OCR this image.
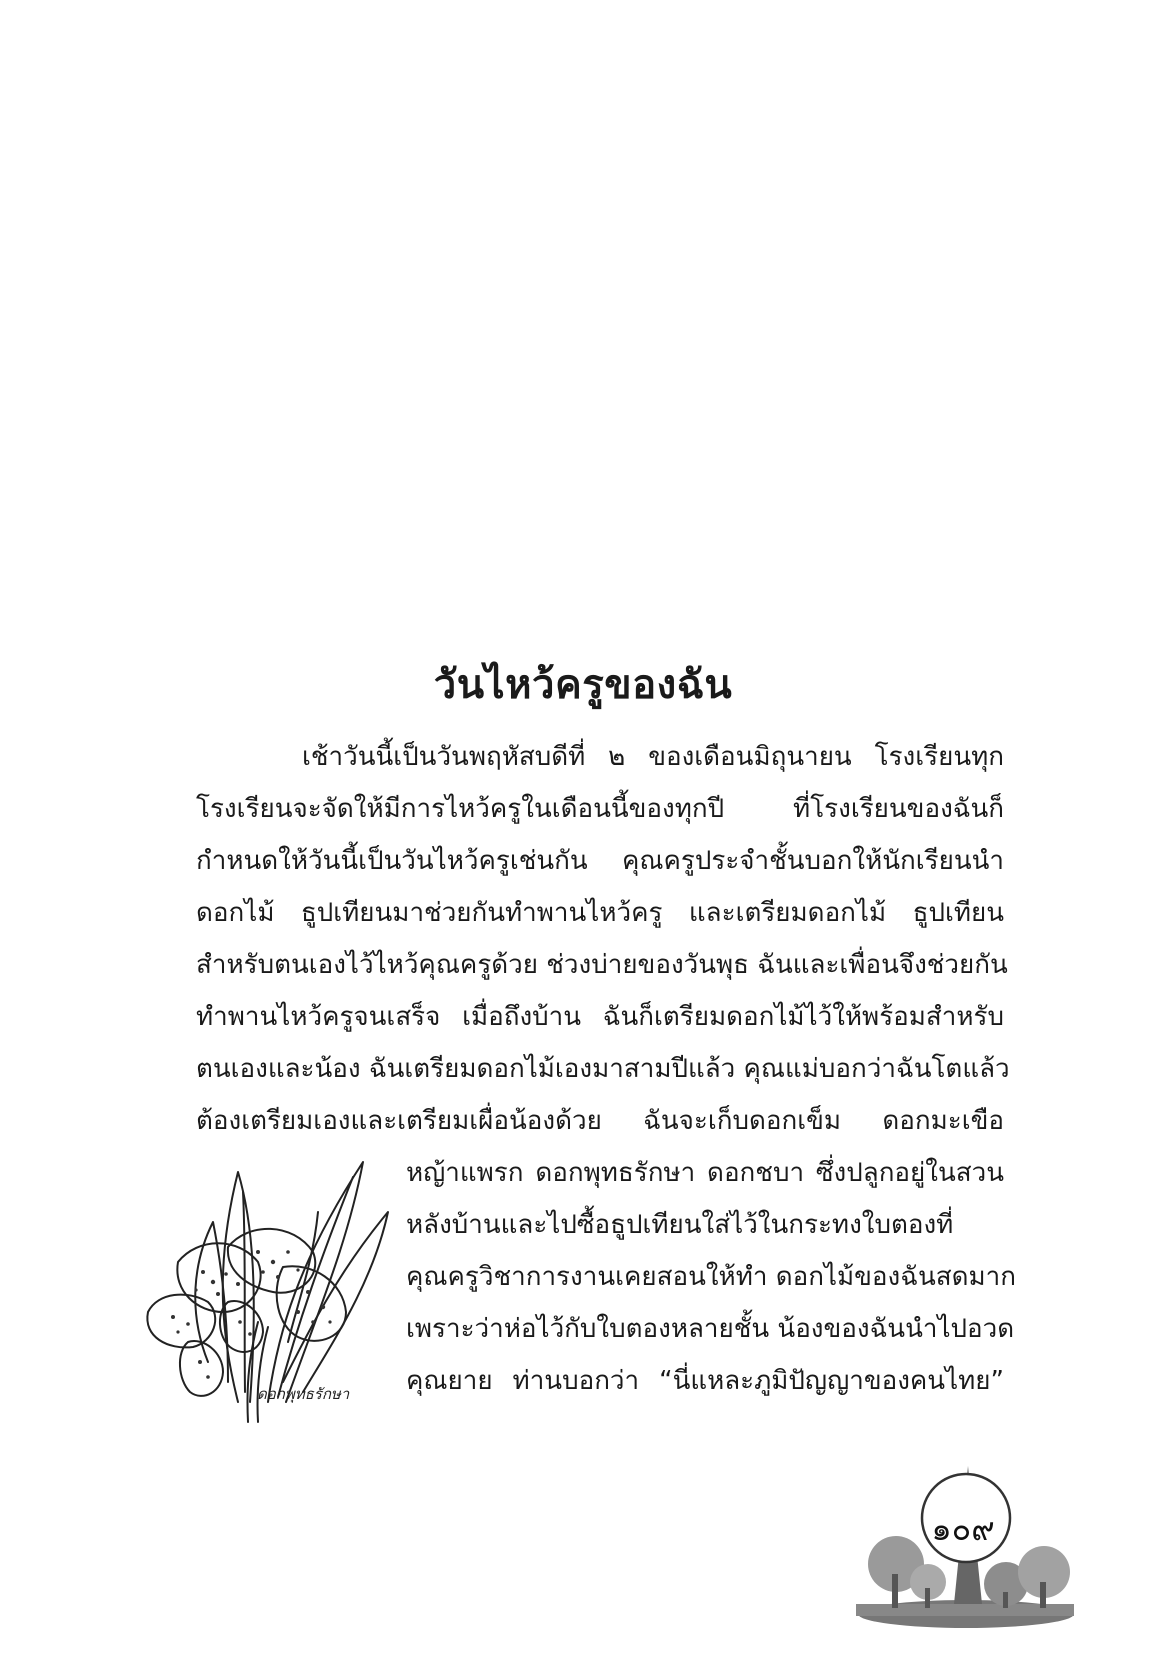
วันไหว้ครูของฉัน
เช้าวันนี้เป็นวันพฤหัสบดีที่ ๒ ของเดือนมิถุนายน โรงเรียนทุก
โรงเรียนจะจัดให้มีการไหว้ครูในเดือนนี้ของทุกปี ที่โรงเรียนของฉันก็
กำหนดให้วันนี้เป็นวันไหว้ครูเช่นกัน คุณครูประจำชั้นบอกให้นักเรียนนำ
ดอกไม้ ธูปเทียนมาช่วยกันทำพานไหว้ครู และเตรียมดอกไม้ ธูปเทียน
สำหรับตนเองไว้ไหว้คุณครูด้วย ช่วงบ่ายของวันพุธ ฉันและเพื่อนจึงช่วยกัน
ทำพานไหว้ครูจนเสร็จ เมื่อถึงบ้าน ฉันก็เตรียมดอกไม้ไว้ให้พร้อมสำหรับ
ตนเองและน้อง ฉันเตรียมดอกไม้เองมาสามปีแล้ว คุณแม่บอกว่าฉันโตแล้ว
ต้องเตรียมเองและเตรียมเผื่อน้องด้วย ฉันจะเก็บดอกเข็ม ดอกมะเขือ
หญ้าแพรก ดอกพุทธรักษา ดอกชบา ซึ่งปลูกอยู่ในสวน
หลังบ้านและไปซื้อธูปเทียนใส่ไว้ในกระทงใบตองที่
คุณครูวิชาการงานเคยสอนให้ทำ ดอกไม้ของฉันสดมาก
เพราะว่าห่อไว้กับใบตองหลายชั้น น้องของฉันนำไปอวด
คุณยาย ท่านบอกว่า “นี่แหละภูมิปัญญาของคนไทย”
ดอกพุทธรักษา
๑๐๙
